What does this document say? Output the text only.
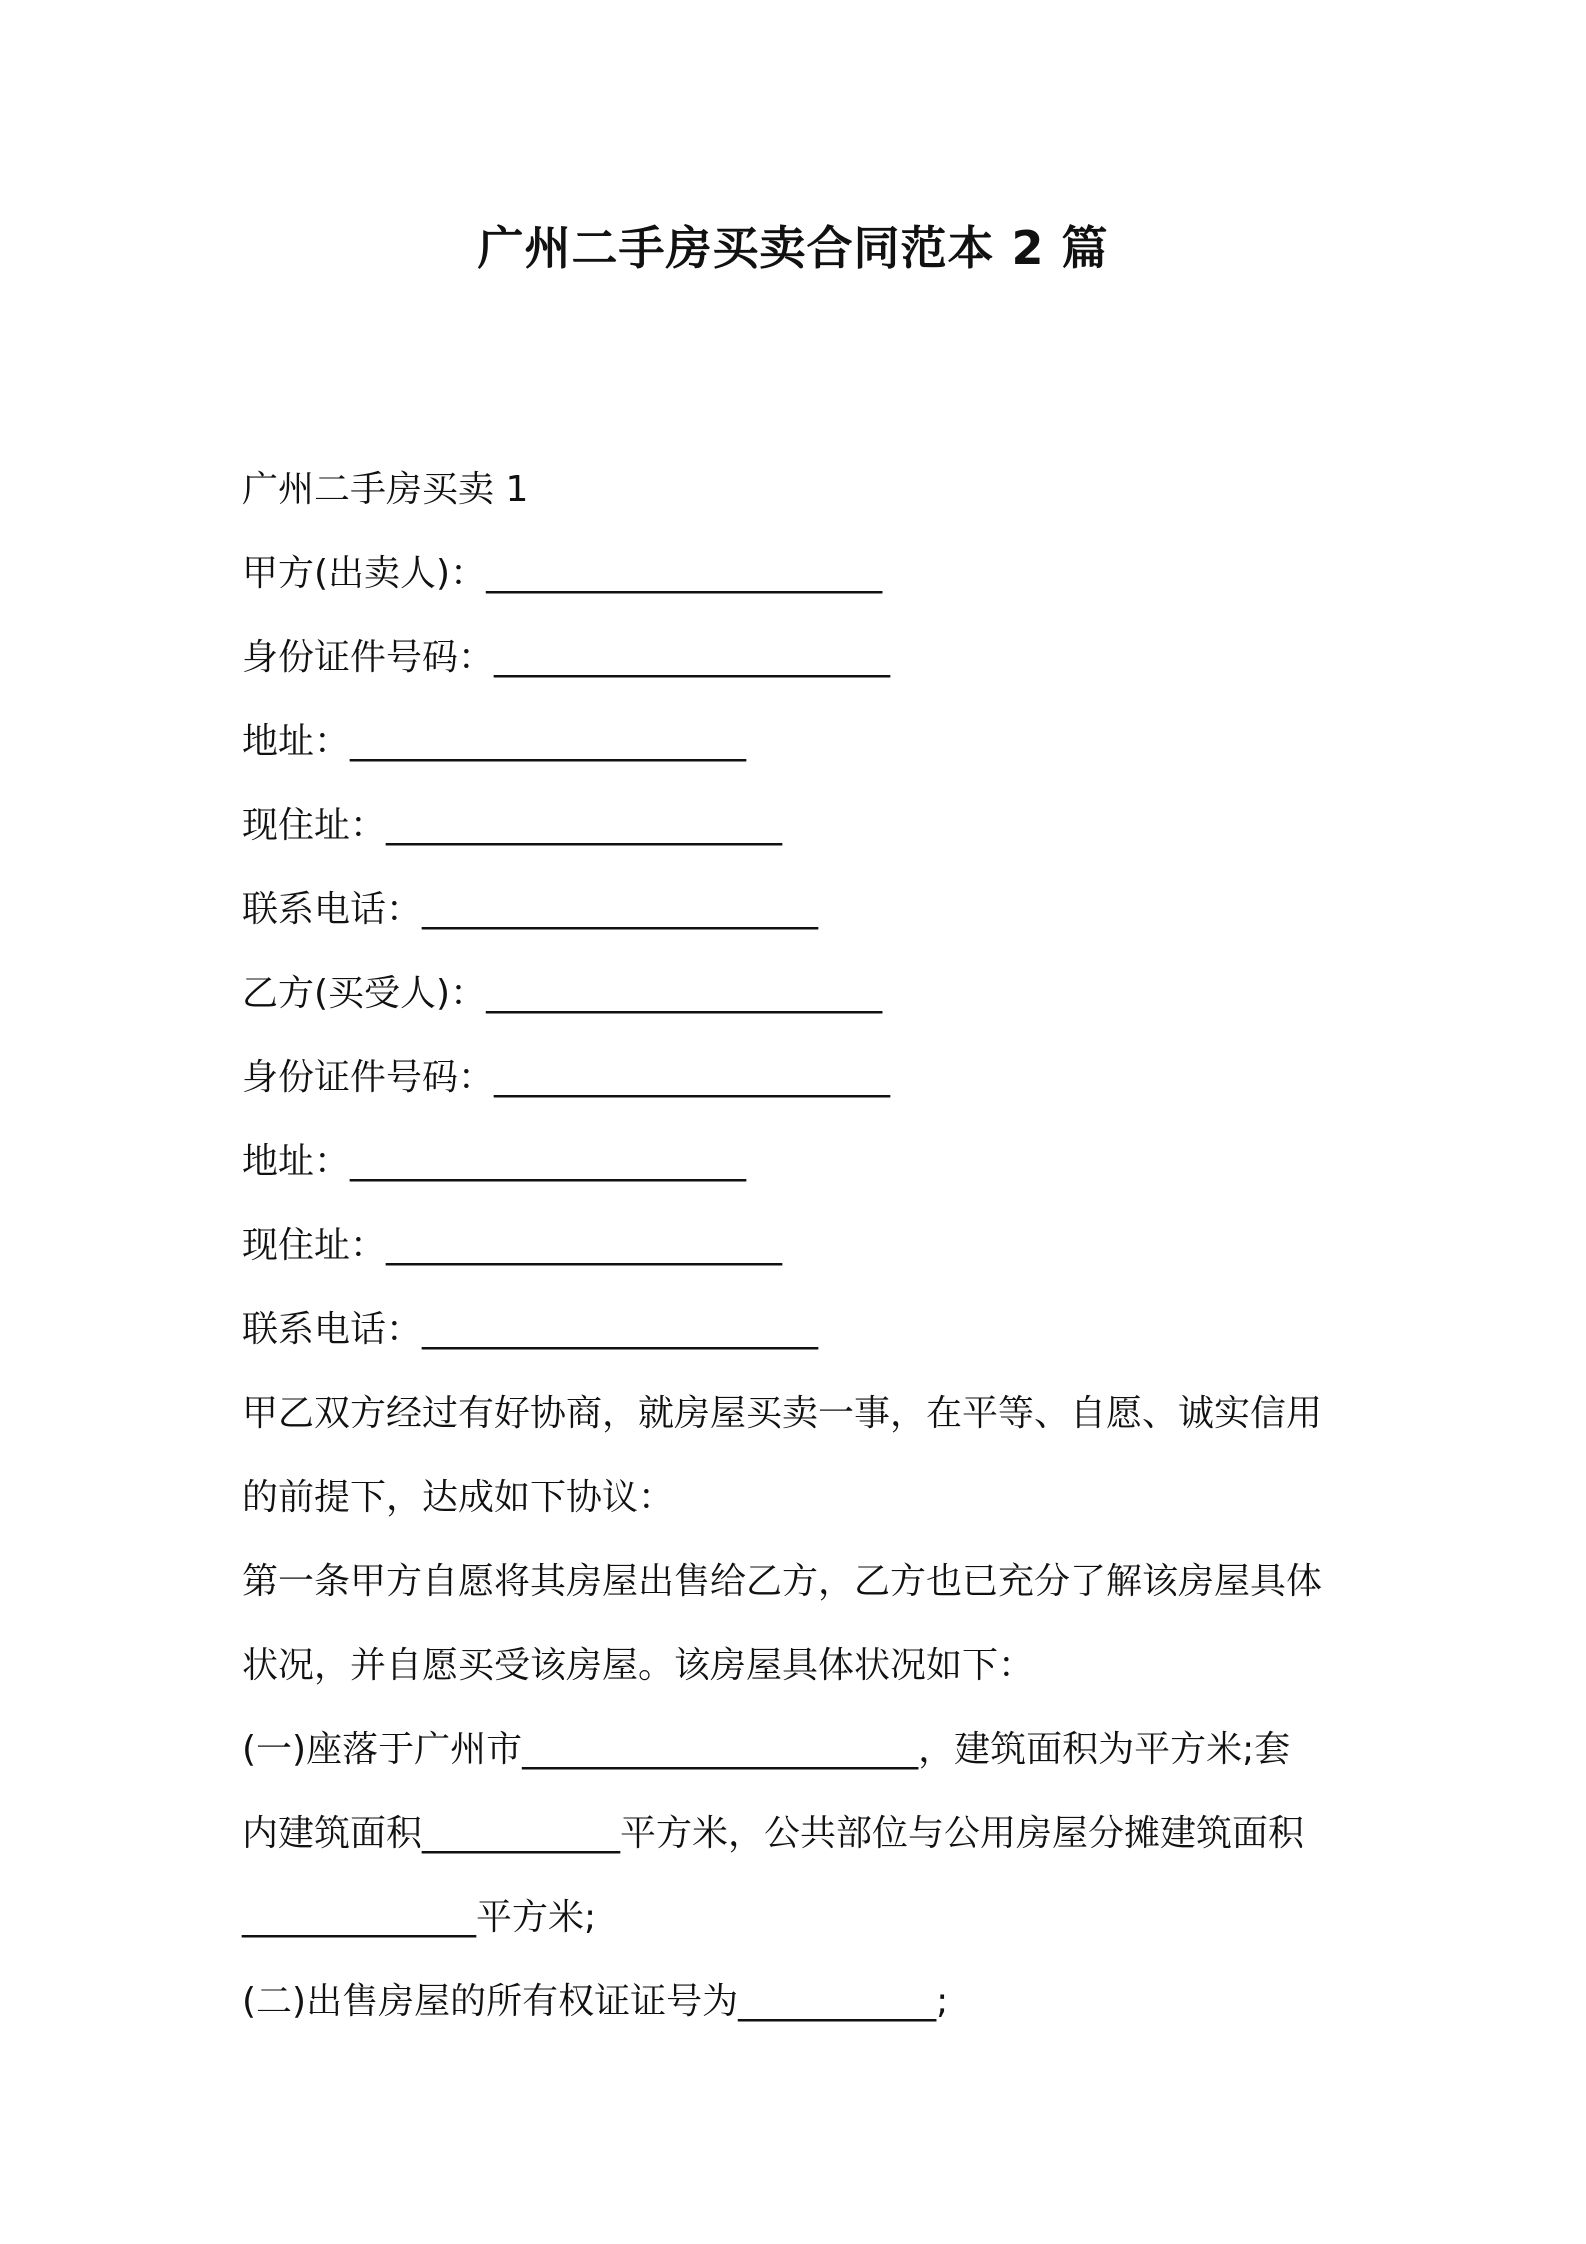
广州二手房买卖合同范本 2 篇

广州二手房买卖 1

甲方(出卖人)：______________________

身份证件号码：______________________

地址：______________________

现住址：______________________

联系电话：______________________

乙方(买受人)：______________________

身份证件号码：______________________

地址：______________________

现住址：______________________

联系电话：______________________

甲乙双方经过有好协商，就房屋买卖一事，在平等、自愿、诚实信用

的前提下，达成如下协议：

第一条甲方自愿将其房屋出售给乙方，乙方也已充分了解该房屋具体

状况，并自愿买受该房屋。该房屋具体状况如下：

(一)座落于广州市______________________，建筑面积为平方米;套

内建筑面积___________平方米，公共部位与公用房屋分摊建筑面积

_____________平方米;

(二)出售房屋的所有权证证号为___________;
